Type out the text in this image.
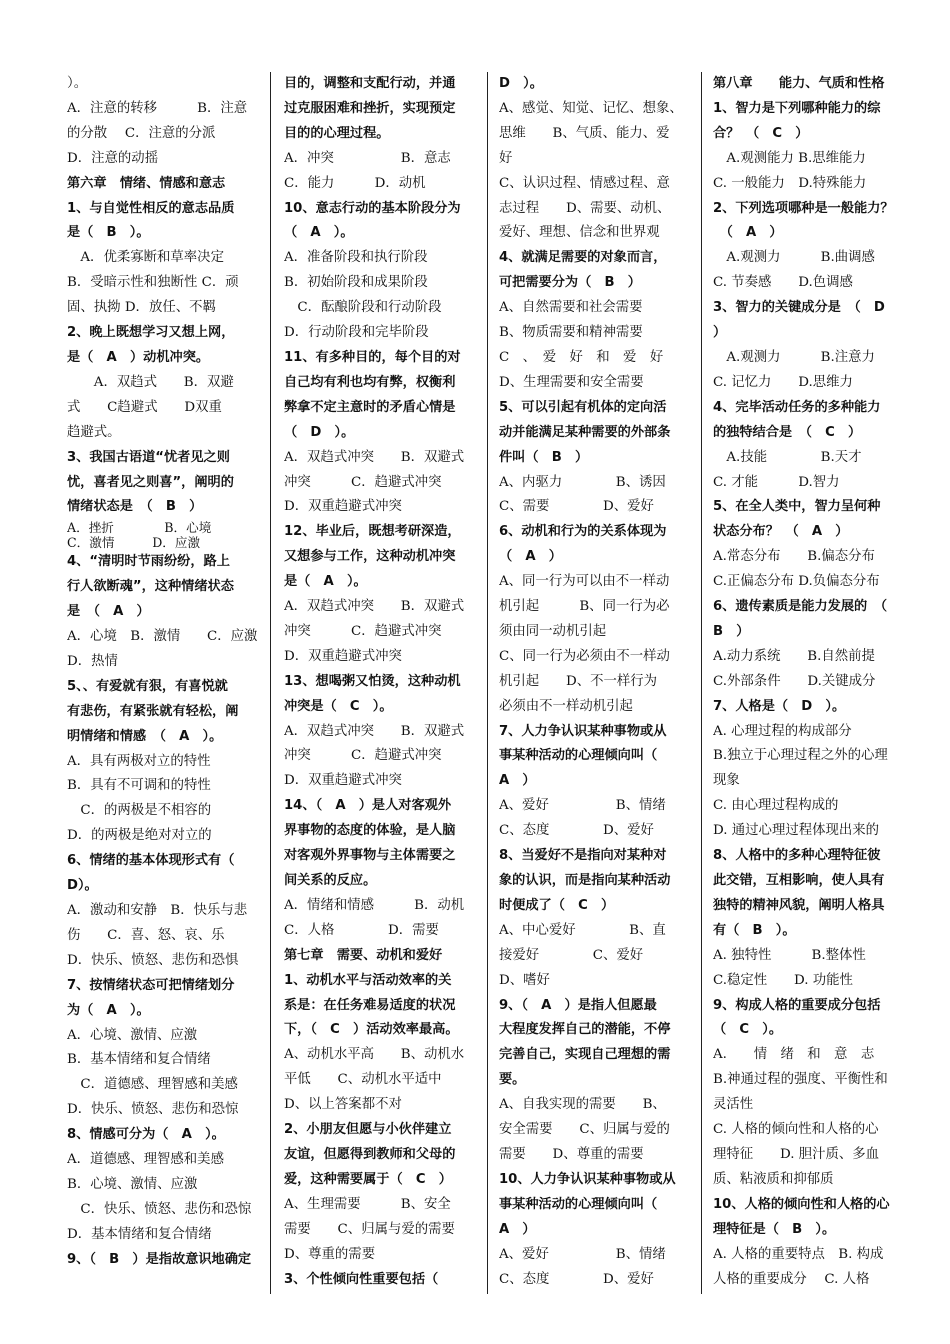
）。
A．注意的转移　　　B．注意
的分散　 C．注意的分派
D．注意的动摇
第六章　情绪、情感和意志
1、与自觉性相反的意志品质
是（　B　）。
　A．优柔寡断和草率决定
B．受暗示性和独断性 C．顽
固、执拗 D．放任、不羁
2、晚上既想学习又想上网，
是（　A　）动机冲突。
　　A．双趋式　　B．双避
式　　C趋避式　　D双重
趋避式。
3、我国古语道“忧者见之则
忧，喜者见之则喜”，阐明的
情绪状态是　（　B　）
A．挫折　　　　B．心境
C．激情　　　D．应激
4、“清明时节雨纷纷，路上
行人欲断魂”，这种情绪状态
是　（　A　）
A．心境　B．激情　　C．应激
D．热情
5、、有爱就有狠，有喜悦就
有悲伤，有紧张就有轻松，阐
明情绪和情感　（　A　）。
A．具有两极对立的特性
B．具有不可调和的特性
　C．的两极是不相容的
D．的两极是绝对对立的
6、情绪的基本体现形式有（
D）。
A．激动和安静　B．快乐与悲
伤　　C．喜、怒、哀、乐
D．快乐、愤怒、悲伤和恐惧
7、按情绪状态可把情绪划分
为（　A　）。
A．心境、激情、应激
B．基本情绪和复合情绪
　C．道德感、理智感和美感
D．快乐、愤怒、悲伤和恐惊
8、情感可分为（　A　）。
A．道德感、理智感和美感
B．心境、激情、应激
　C．快乐、愤怒、悲伤和恐惊
D．基本情绪和复合情绪
9、（　B　）是指故意识地确定
目的，调整和支配行动，并通
过克服困难和挫折，实现预定
目的的心理过程。
A．冲突　　　　　B．意志
C．能力　　　D．动机
10、意志行动的基本阶段分为
（　A　）。
A．准备阶段和执行阶段
B．初始阶段和成果阶段
　C．酝酿阶段和行动阶段
D．行动阶段和完毕阶段
11、有多种目的，每个目的对
自己均有利也均有弊，权衡利
弊拿不定主意时的矛盾心情是
（　D　）。
A．双趋式冲突　　B．双避式
冲突　　　C．趋避式冲突
D．双重趋避式冲突
12、毕业后，既想考研深造，
又想参与工作，这种动机冲突
是（　A　）。
A．双趋式冲突　　B．双避式
冲突　　　C．趋避式冲突
D．双重趋避式冲突
13、想喝粥又怕烫，这种动机
冲突是（　C　）。
A．双趋式冲突　　B．双避式
冲突　　　C．趋避式冲突
D．双重趋避式冲突
14、（　A　）是人对客观外
界事物的态度的体验，是人脑
对客观外界事物与主体需要之
间关系的反应。
A．情绪和情感　　　B．动机
C．人格　　　　D．需要
第七章　需要、动机和爱好
1、动机水平与活动效率的关
系是：在任务难易适度的状况
下，（　C　）活动效率最高。
A、动机水平高　　B、动机水
平低　　C、动机水平适中
D、以上答案都不对
2、小朋友但愿与小伙伴建立
友谊，但愿得到教师和父母的
爱，这种需要属于（　C　）
A、生理需要　　　B、安全
需要　　C、归属与爱的需要
D、尊重的需要
3、个性倾向性重要包括（
D　）。
A、感觉、知觉、记忆、想象、
思维　　B、气质、能力、爱
好
C、认识过程、情感过程、意
志过程　　D、需要、动机、
爱好、理想、信念和世界观
4、就满足需要的对象而言，
可把需要分为（　B　）
A、自然需要和社会需要
B、物质需要和精神需要
C　、　爱　好　和　爱　好
D、生理需要和安全需要
5、可以引起有机体的定向活
动并能满足某种需要的外部条
件叫（　B　）
A、内驱力　　　　B、诱因
C、需要　　　　D、爱好
6、动机和行为的关系体现为
（　A　）
A、同一行为可以由不一样动
机引起　　　B、同一行为必
须由同一动机引起
C、同一行为必须由不一样动
机引起　　D、不一样行为
必须由不一样动机引起
7、人力争认识某种事物或从
事某种活动的心理倾向叫（
A　）
A、爱好　　　　　B、情绪
C、态度　　　　D、爱好
8、当爱好不是指向对某种对
象的认识，而是指向某种活动
时便成了（　C　）
A、中心爱好　　　　B、直
接爱好　　　　C、爱好
D、嗜好
9、（　A　）是指人但愿最
大程度发挥自己的潜能，不停
完善自己，实现自己理想的需
要。
A、自我实现的需要　　B、
安全需要　　C、归属与爱的
需要　　D、尊重的需要
10、人力争认识某种事物或从
事某种活动的心理倾向叫（
A　）
A、爱好　　　　　B、情绪
C、态度　　　　D、爱好
第八章　　能力、气质和性格
1、智力是下列哪种能力的综
合？　（　C　）
　A.观测能力 B.思维能力
C. 一般能力　D.特殊能力
2、下列选项哪种是一般能力？
　（　A　）
　A.观测力　　　B.曲调感
C. 节奏感　　D.色调感
3、智力的关键成分是　（　D
）
　A.观测力　　　B.注意力
C. 记忆力　　D.思维力
4、完毕活动任务的多种能力
的独特结合是　（　C　）
　A.技能　　　　B.天才
C. 才能　　　D.智力
5、在全人类中，智力呈何种
状态分布？　（　A　）
A.常态分布　　B.偏态分布
C.正偏态分布 D.负偏态分布
6、遗传素质是能力发展的　（
B　）
A.动力系统　　B.自然前提
C.外部条件　　D.关键成分
7、人格是（　D　）。
A. 心理过程的构成部分
B.独立于心理过程之外的心理
现象
C. 由心理过程构成的
D. 通过心理过程体现出来的
8、人格中的多种心理特征彼
此交错，互相影响，使人具有
独特的精神风貌，阐明人格具
有（　B　）。
A. 独特性　　　B.整体性
C.稳定性　　D. 功能性
9、构成人格的重要成分包括
（　C　）。
A.　　情　绪　和　意　志
B.神通过程的强度、平衡性和
灵活性
C. 人格的倾向性和人格的心
理特征　　D. 胆汁质、多血
质、粘液质和抑郁质
10、人格的倾向性和人格的心
理特征是（　B　）。
A. 人格的重要特点　B. 构成
人格的重要成分　 C. 人格
